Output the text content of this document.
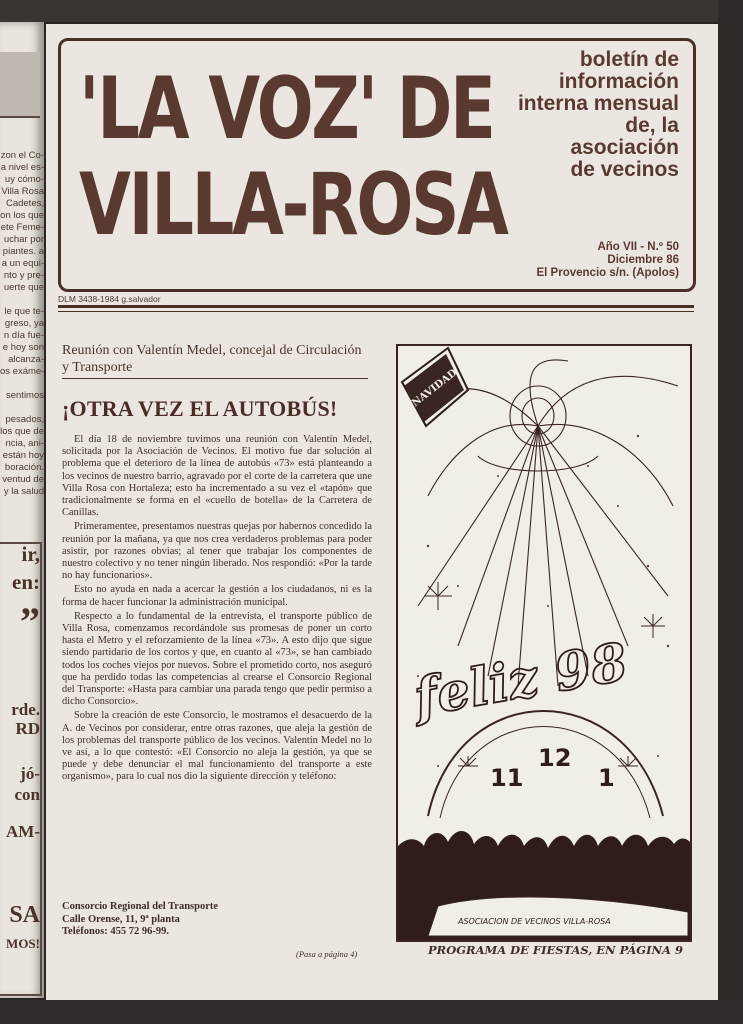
zon el Co-
a nivel es-
uy cómo-
Villa Rosa
Cadetes,
on los que
ete Feme-
uchar por
piantes. a
a un equi-
nto y pre-
uerte que

le que te-
greso, ya
n día fue-
e hoy son
alcanza-
os exáme-

sentimos

pesados,
los que de
ncia, ani-
están hoy
boración.
ventud de
y la salud
ir,
en:
”
rde.
RD
jó-
con
AM-
SA
MOS!
'LA VOZ' DE
VILLA-ROSA
boletín de
información
interna mensual
de, la
asociación
de vecinos
Año VII - N.º 50
Diciembre 86
El Provencio s/n. (Apolos)
DLM 3438-1984 g.salvador
Reunión con Valentín Medel, concejal de Circulación y Transporte
¡OTRA VEZ EL AUTOBÚS!

El día 18 de noviembre tuvimos una reunión con Valentín Medel, solicitada por la Asociación de Vecinos. El motivo fue dar solución al problema que el deterioro de la línea de autobús «73» está planteando a los vecinos de nuestro barrio, agravado por el corte de la carretera que une Villa Rosa con Hortaleza; esto ha incrementado a su vez el «tapón» que tradicionalmente se forma en el «cuello de botella» de la Carretera de Canillas.

Primeramentee, presentamos nuestras quejas por habernos concedido la reunión por la mañana, ya que nos crea verdaderos problemas para poder asistir, por razones obvias; al tener que trabajar los componentes de nuestro colectivo y no tener ningún liberado. Nos respondió: «Por la tarde no hay funcionarios».

Esto no ayuda en nada a acercar la gestión a los ciudadanos, ni es la forma de hacer funcionar la administración municipal.

Respecto a lo fundamental de la entrevista, el transporte público de Villa Rosa, comenzamos recordándole sus promesas de poner un corto hasta el Metro y el reforzamiento de la línea «73». A esto dijo que sigue siendo partidario de los cortos y que, en cuanto al «73», se han cambiado todos los coches viejos por nuevos. Sobre el prometido corto, nos aseguró que ha perdido todas las competencias al crearse el Consorcio Regional del Transporte: «Hasta para cambiar una parada tengo que pedir permiso a dicho Consorcio».

Sobre la creación de este Consorcio, le mostramos el desacuerdo de la A. de Vecinos por considerar, entre otras razones, que aleja la gestión de los problemas del transporte público de los vecinos. Valentín Medel no lo ve así, a lo que contestó: «El Consorcio no aleja la gestión, ya que se puede y debe denunciar el mal funcionamiento del transporte a este organismo», para lo cual nos dio la siguiente dirección y teléfono:

Consorcio Regional del Transporte
Calle Orense, 11, 9ª planta
Teléfonos: 455 72 96-99.
(Pasa a página 4)
NAVIDAD
feliz 98
11
12
1
ASOCIACION DE VECINOS VILLA-ROSA
PROGRAMA DE FIESTAS, EN PÁGINA 9
